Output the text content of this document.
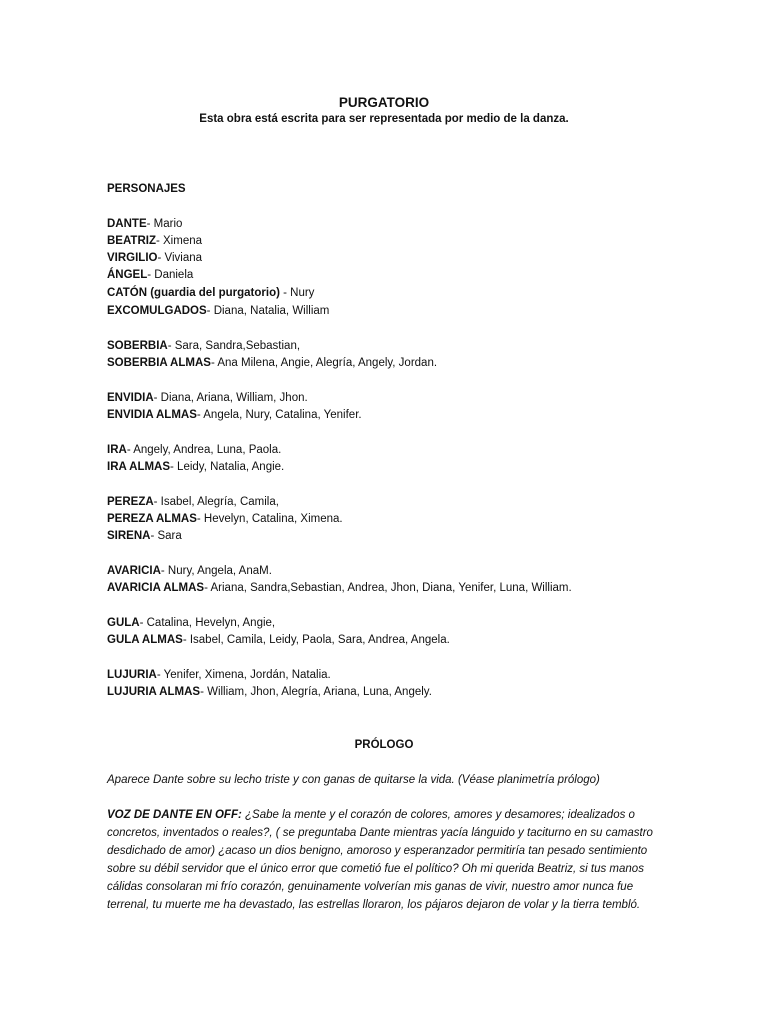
PURGATORIO
Esta obra está escrita para ser representada por medio de la danza.
PERSONAJES
DANTE- Mario
BEATRIZ- Ximena
VIRGILIO- Viviana
ÁNGEL- Daniela
CATÓN (guardia del purgatorio) - Nury
EXCOMULGADOS- Diana, Natalia, William
SOBERBIA- Sara, Sandra,Sebastian,
SOBERBIA ALMAS- Ana Milena, Angie, Alegría, Angely, Jordan.
ENVIDIA- Diana, Ariana, William, Jhon.
ENVIDIA ALMAS- Angela, Nury, Catalina, Yenifer.
IRA- Angely, Andrea, Luna, Paola.
IRA ALMAS- Leidy, Natalia, Angie.
PEREZA- Isabel, Alegría, Camila,
PEREZA ALMAS- Hevelyn, Catalina, Ximena.
SIRENA- Sara
AVARICIA- Nury, Angela, AnaM.
AVARICIA ALMAS- Ariana, Sandra,Sebastian, Andrea, Jhon, Diana, Yenifer, Luna, William.
GULA- Catalina, Hevelyn, Angie,
GULA ALMAS- Isabel, Camila, Leidy, Paola, Sara, Andrea, Angela.
LUJURIA- Yenifer, Ximena, Jordán, Natalia.
LUJURIA ALMAS- William, Jhon, Alegría, Ariana, Luna, Angely.
PRÓLOGO
Aparece Dante sobre su lecho triste y con ganas de quitarse la vida. (Véase planimetría prólogo)
VOZ DE DANTE EN OFF: ¿Sabe la mente y el corazón de colores, amores y desamores; idealizados o concretos, inventados o reales?, ( se preguntaba Dante mientras yacía lánguido y taciturno en su camastro desdichado de amor) ¿acaso un dios benigno, amoroso y esperanzador permitiría tan pesado sentimiento sobre su débil servidor que el único error que cometió fue el político? Oh mi querida Beatriz, si tus manos cálidas consolaran mi frío corazón, genuinamente volverían mis ganas de vivir, nuestro amor nunca fue terrenal, tu muerte me ha devastado, las estrellas lloraron, los pájaros dejaron de volar y la tierra tembló.
